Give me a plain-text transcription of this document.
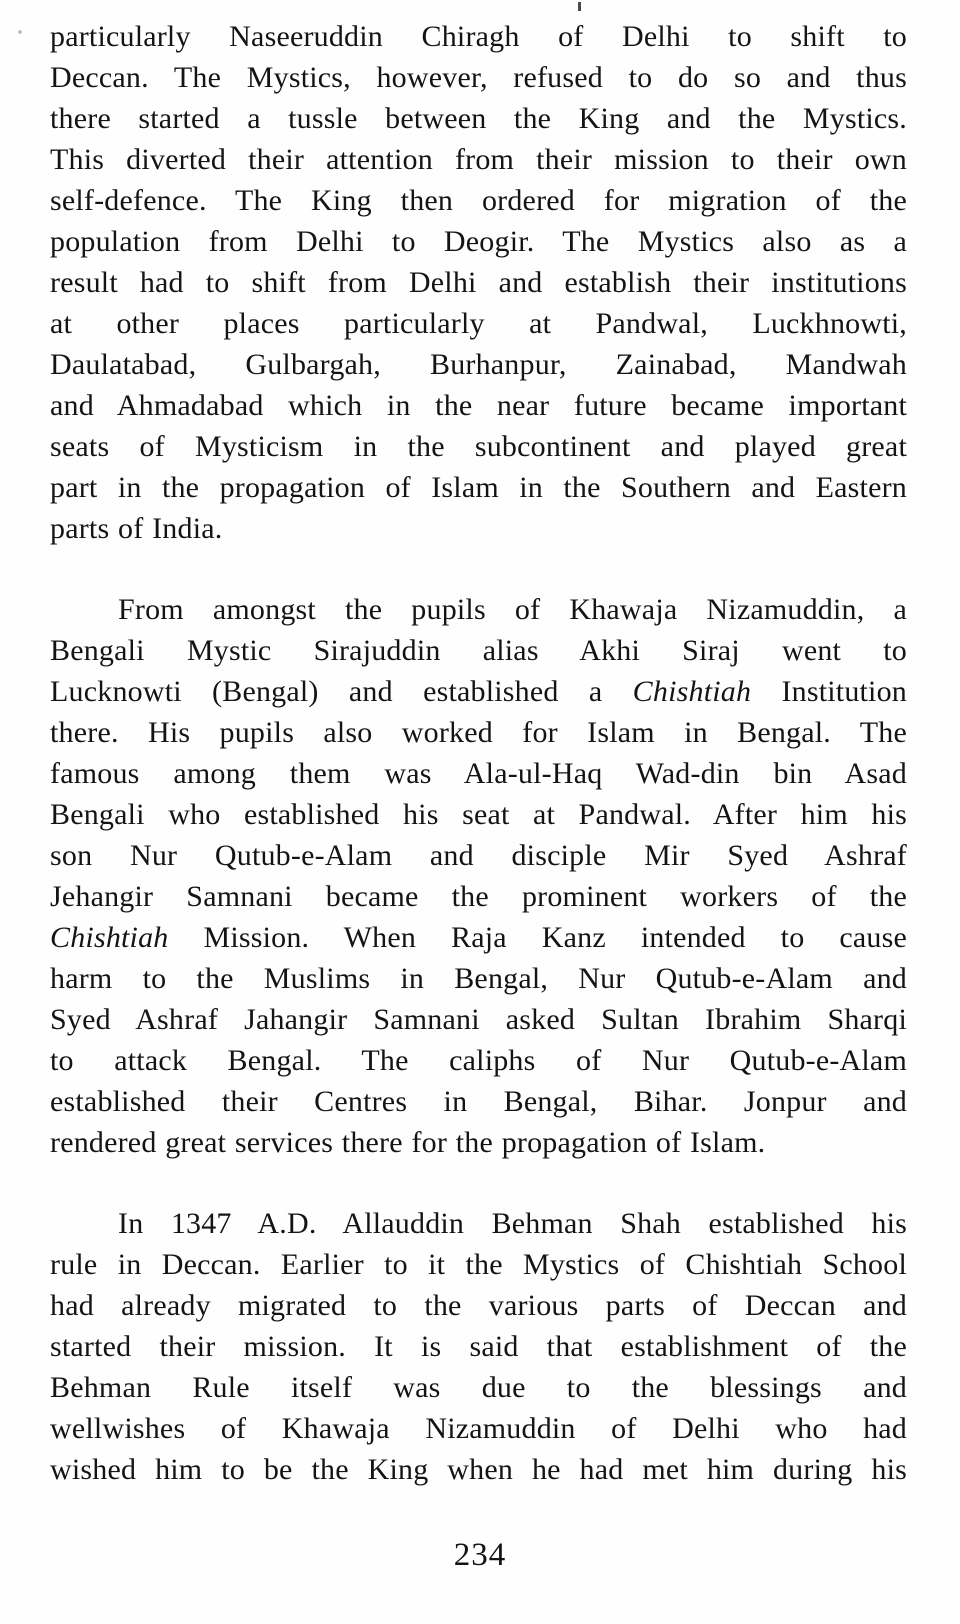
particularly Naseeruddin Chiragh of Delhi to shift to
Deccan. The Mystics, however, refused to do so and thus
there started a tussle between the King and the Mystics.
This diverted their attention from their mission to their own
self-defence. The King then ordered for migration of the
population from Delhi to Deogir. The Mystics also as a
result had to shift from Delhi and establish their institutions
at other places particularly at Pandwal, Luckhnowti,
Daulatabad, Gulbargah, Burhanpur, Zainabad, Mandwah
and Ahmadabad which in the near future became important
seats of Mysticism in the subcontinent and played great
part in the propagation of Islam in the Southern and Eastern
parts of India.
From amongst the pupils of Khawaja Nizamuddin, a
Bengali Mystic Sirajuddin alias Akhi Siraj went to
Lucknowti (Bengal) and established a Chishtiah Institution
there. His pupils also worked for Islam in Bengal. The
famous among them was Ala-ul-Haq Wad-din bin Asad
Bengali who established his seat at Pandwal. After him his
son Nur Qutub-e-Alam and disciple Mir Syed Ashraf
Jehangir Samnani became the prominent workers of the
Chishtiah Mission. When Raja Kanz intended to cause
harm to the Muslims in Bengal, Nur Qutub-e-Alam and
Syed Ashraf Jahangir Samnani asked Sultan Ibrahim Sharqi
to attack Bengal. The caliphs of Nur Qutub-e-Alam
established their Centres in Bengal, Bihar. Jonpur and
rendered great services there for the propagation of Islam.
In 1347 A.D. Allauddin Behman Shah established his
rule in Deccan. Earlier to it the Mystics of Chishtiah School
had already migrated to the various parts of Deccan and
started their mission. It is said that establishment of the
Behman Rule itself was due to the blessings and
wellwishes of Khawaja Nizamuddin of Delhi who had
wished him to be the King when he had met him during his
234
